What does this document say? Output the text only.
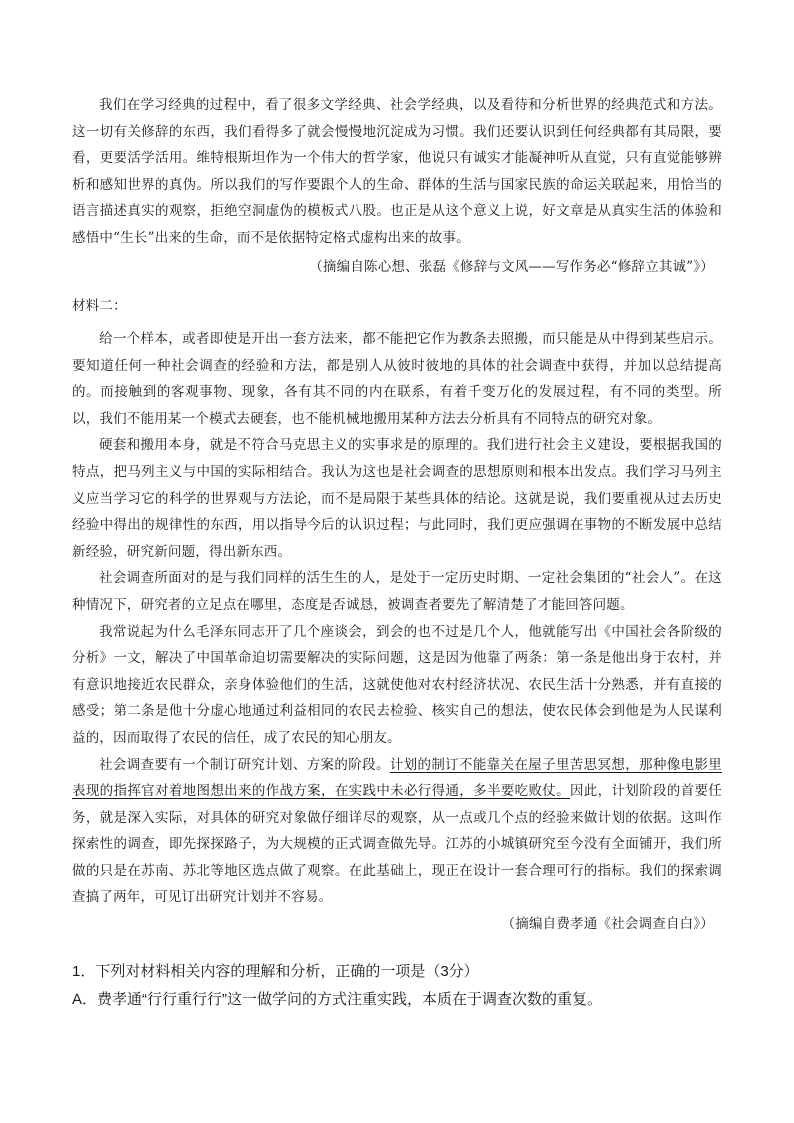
我们在学习经典的过程中，看了很多文学经典、社会学经典，以及看待和分析世界的经典范式和方法。这一切有关修辞的东西，我们看得多了就会慢慢地沉淀成为习惯。我们还要认识到任何经典都有其局限，要看，更要活学活用。维特根斯坦作为一个伟大的哲学家，他说只有诚实才能凝神听从直觉，只有直觉能够辨析和感知世界的真伪。所以我们的写作要跟个人的生命、群体的生活与国家民族的命运关联起来，用恰当的语言描述真实的观察，拒绝空洞虚伪的模板式八股。也正是从这个意义上说，好文章是从真实生活的体验和感悟中“生长”出来的生命，而不是依据特定格式虚构出来的故事。

（摘编自陈心想、张磊《修辞与文风——写作务必“修辞立其诚”》）

材料二：

给一个样本，或者即使是开出一套方法来，都不能把它作为教条去照搬，而只能是从中得到某些启示。要知道任何一种社会调查的经验和方法，都是别人从彼时彼地的具体的社会调查中获得，并加以总结提高的。而接触到的客观事物、现象，各有其不同的内在联系，有着千变万化的发展过程，有不同的类型。所以，我们不能用某一个模式去硬套，也不能机械地搬用某种方法去分析具有不同特点的研究对象。

硬套和搬用本身，就是不符合马克思主义的实事求是的原理的。我们进行社会主义建设，要根据我国的特点，把马列主义与中国的实际相结合。我认为这也是社会调查的思想原则和根本出发点。我们学习马列主义应当学习它的科学的世界观与方法论，而不是局限于某些具体的结论。这就是说，我们要重视从过去历史经验中得出的规律性的东西，用以指导今后的认识过程；与此同时，我们更应强调在事物的不断发展中总结新经验，研究新问题，得出新东西。

社会调查所面对的是与我们同样的活生生的人，是处于一定历史时期、一定社会集团的“社会人”。在这种情况下，研究者的立足点在哪里，态度是否诚恳，被调查者要先了解清楚了才能回答问题。

我常说起为什么毛泽东同志开了几个座谈会，到会的也不过是几个人，他就能写出《中国社会各阶级的分析》一文，解决了中国革命迫切需要解决的实际问题，这是因为他靠了两条：第一条是他出身于农村，并有意识地接近农民群众，亲身体验他们的生活，这就使他对农村经济状况、农民生活十分熟悉，并有直接的感受；第二条是他十分虚心地通过利益相同的农民去检验、核实自己的想法，使农民体会到他是为人民谋利益的，因而取得了农民的信任，成了农民的知心朋友。

社会调查要有一个制订研究计划、方案的阶段。计划的制订不能靠关在屋子里苦思冥想，那种像电影里表现的指挥官对着地图想出来的作战方案，在实践中未必行得通，多半要吃败仗。因此，计划阶段的首要任务，就是深入实际，对具体的研究对象做仔细详尽的观察，从一点或几个点的经验来做计划的依据。这叫作探索性的调查，即先探探路子，为大规模的正式调查做先导。江苏的小城镇研究至今没有全面铺开，我们所做的只是在苏南、苏北等地区选点做了观察。在此基础上，现正在设计一套合理可行的指标。我们的探索调查搞了两年，可见订出研究计划并不容易。

（摘编自费孝通《社会调查自白》）

1．下列对材料相关内容的理解和分析，正确的一项是（3分）
A．费孝通“行行重行行”这一做学问的方式注重实践，本质在于调查次数的重复。
